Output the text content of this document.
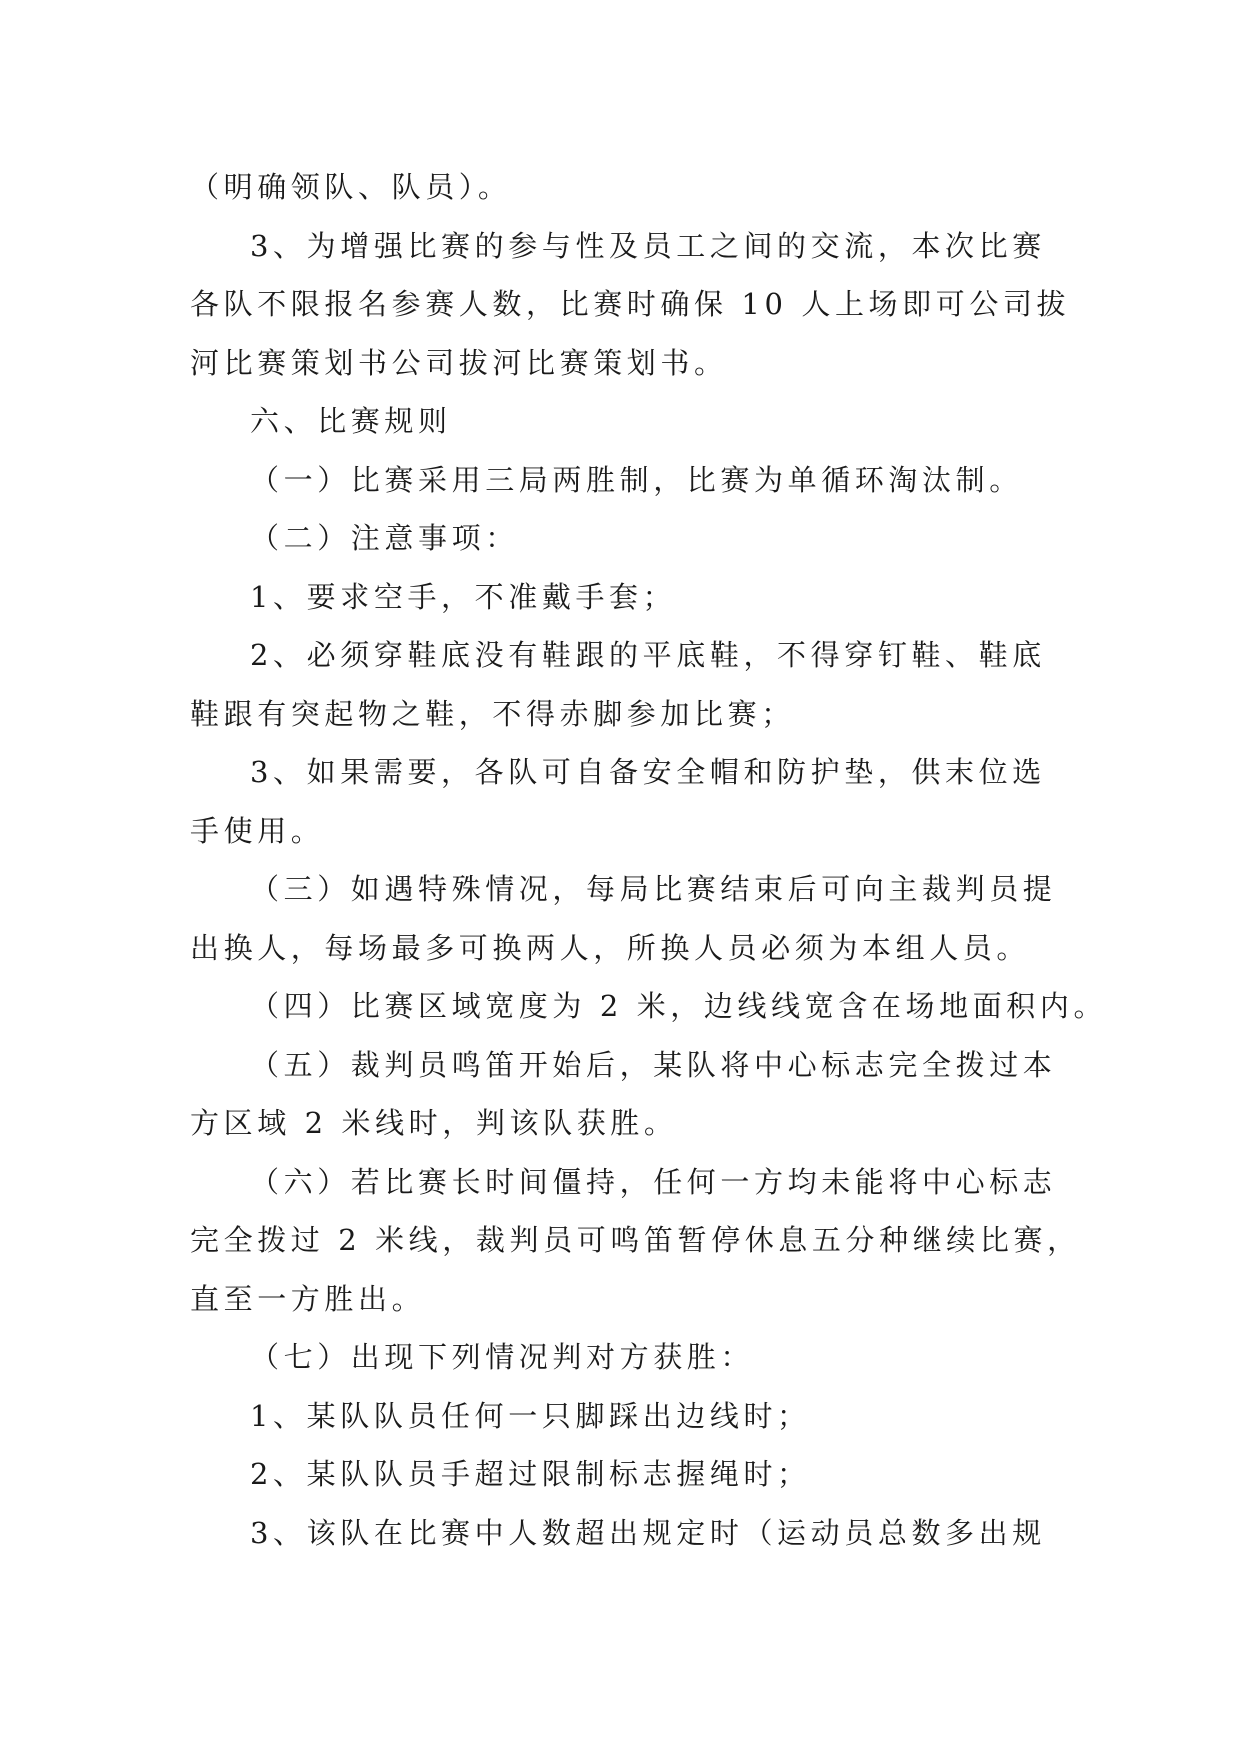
（明确领队、队员）。
3、为增强比赛的参与性及员工之间的交流，本次比赛
各队不限报名参赛人数，比赛时确保 10 人上场即可公司拔
河比赛策划书公司拔河比赛策划书。
六、比赛规则
（一）比赛采用三局两胜制，比赛为单循环淘汰制。
（二）注意事项：
1、要求空手，不准戴手套；
2、必须穿鞋底没有鞋跟的平底鞋，不得穿钉鞋、鞋底
鞋跟有突起物之鞋，不得赤脚参加比赛；
3、如果需要，各队可自备安全帽和防护垫，供末位选
手使用。
（三）如遇特殊情况，每局比赛结束后可向主裁判员提
出换人，每场最多可换两人，所换人员必须为本组人员。
（四）比赛区域宽度为 2 米，边线线宽含在场地面积内。
（五）裁判员鸣笛开始后，某队将中心标志完全拨过本
方区域 2 米线时，判该队获胜。
（六）若比赛长时间僵持，任何一方均未能将中心标志
完全拨过 2 米线，裁判员可鸣笛暂停休息五分种继续比赛，
直至一方胜出。
（七）出现下列情况判对方获胜：
1、某队队员任何一只脚踩出边线时；
2、某队队员手超过限制标志握绳时；
3、该队在比赛中人数超出规定时（运动员总数多出规
